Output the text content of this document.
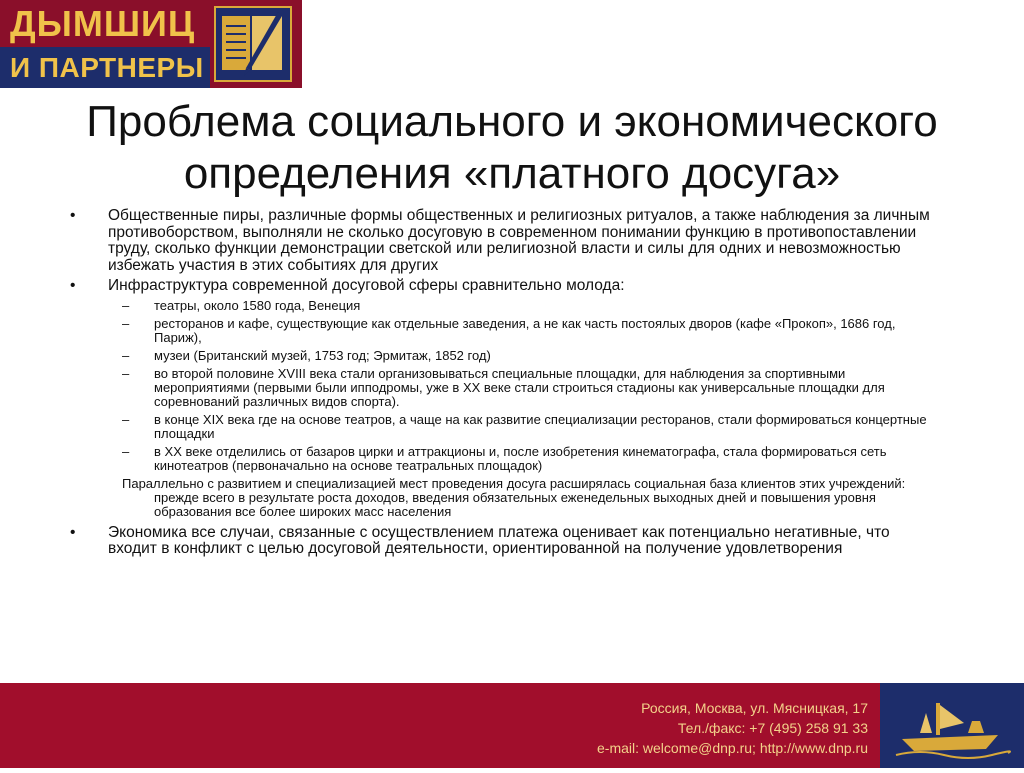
ДЫМШИЦ
И ПАРТНЕРЫ
Проблема социального и экономического определения «платного досуга»
• Общественные пиры, различные формы общественных и религиозных ритуалов, а также наблюдения за личным противоборством, выполняли не сколько досуговую в современном понимании функцию в противопоставлении труду, сколько функции демонстрации светской или религиозной власти и силы для одних и невозможностью избежать участия в этих событиях для других
• Инфраструктура современной досуговой сферы сравнительно молода:
– театры, около 1580 года, Венеция
– ресторанов и кафе, существующие как отдельные заведения, а не как часть постоялых дворов (кафе «Прокоп», 1686 год, Париж),
– музеи (Британский музей, 1753 год; Эрмитаж, 1852 год)
– во второй половине XVIII века стали организовываться специальные площадки, для наблюдения за спортивными мероприятиями (первыми были ипподромы, уже в XX веке стали строиться стадионы как универсальные площадки для соревнований различных видов спорта).
– в конце XIX века где на основе театров, а чаще на как развитие специализации ресторанов, стали формироваться концертные площадки
– в XX веке отделились от базаров цирки и аттракционы и, после изобретения кинематографа, стала формироваться сеть кинотеатров (первоначально на основе театральных площадок)
Параллельно с развитием и специализацией мест проведения досуга расширялась социальная база клиентов этих учреждений: прежде всего в результате роста доходов, введения обязательных еженедельных выходных дней и повышения уровня образования все более широких масс населения
• Экономика все случаи, связанные с осуществлением платежа оценивает как потенциально негативные, что входит в конфликт с целью досуговой деятельности, ориентированной на получение удовлетворения
Россия, Москва, ул. Мясницкая, 17
Тел./факс: +7 (495) 258 91 33
e-mail: welcome@dnp.ru; http://www.dnp.ru
